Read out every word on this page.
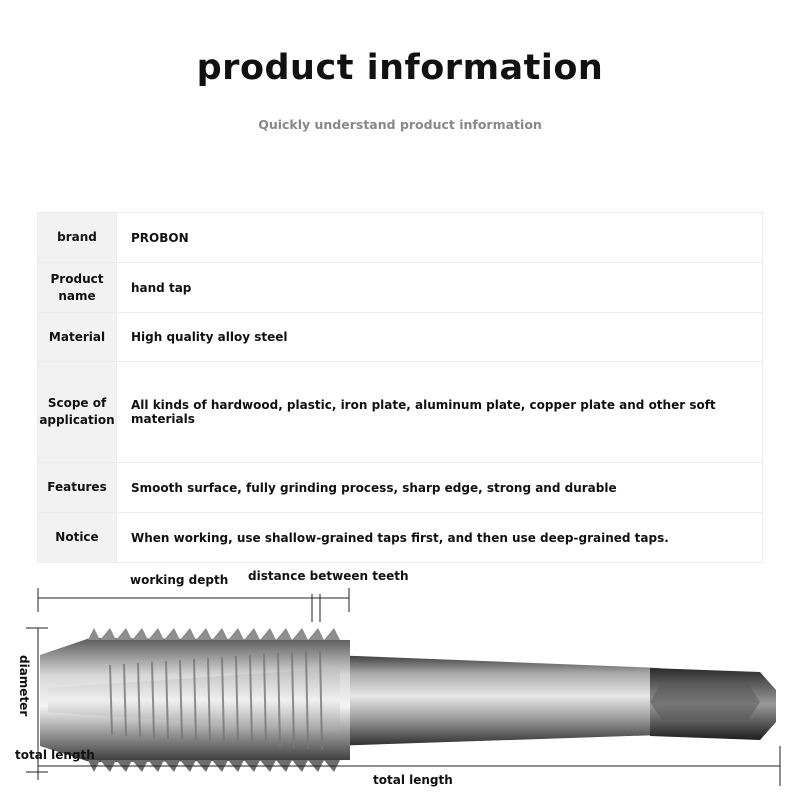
product information
Quickly understand product information
brand	PROBON
Product name	hand tap
Material	High quality alloy steel
Scope of application	All kinds of hardwood, plastic, iron plate, aluminum plate, copper plate and other soft materials
Features	Smooth surface, fully grinding process, sharp edge, strong and durable
Notice	When working, use shallow-grained taps first, and then use deep-grained taps.
working depth distance between teeth
diameter
total length
total length
